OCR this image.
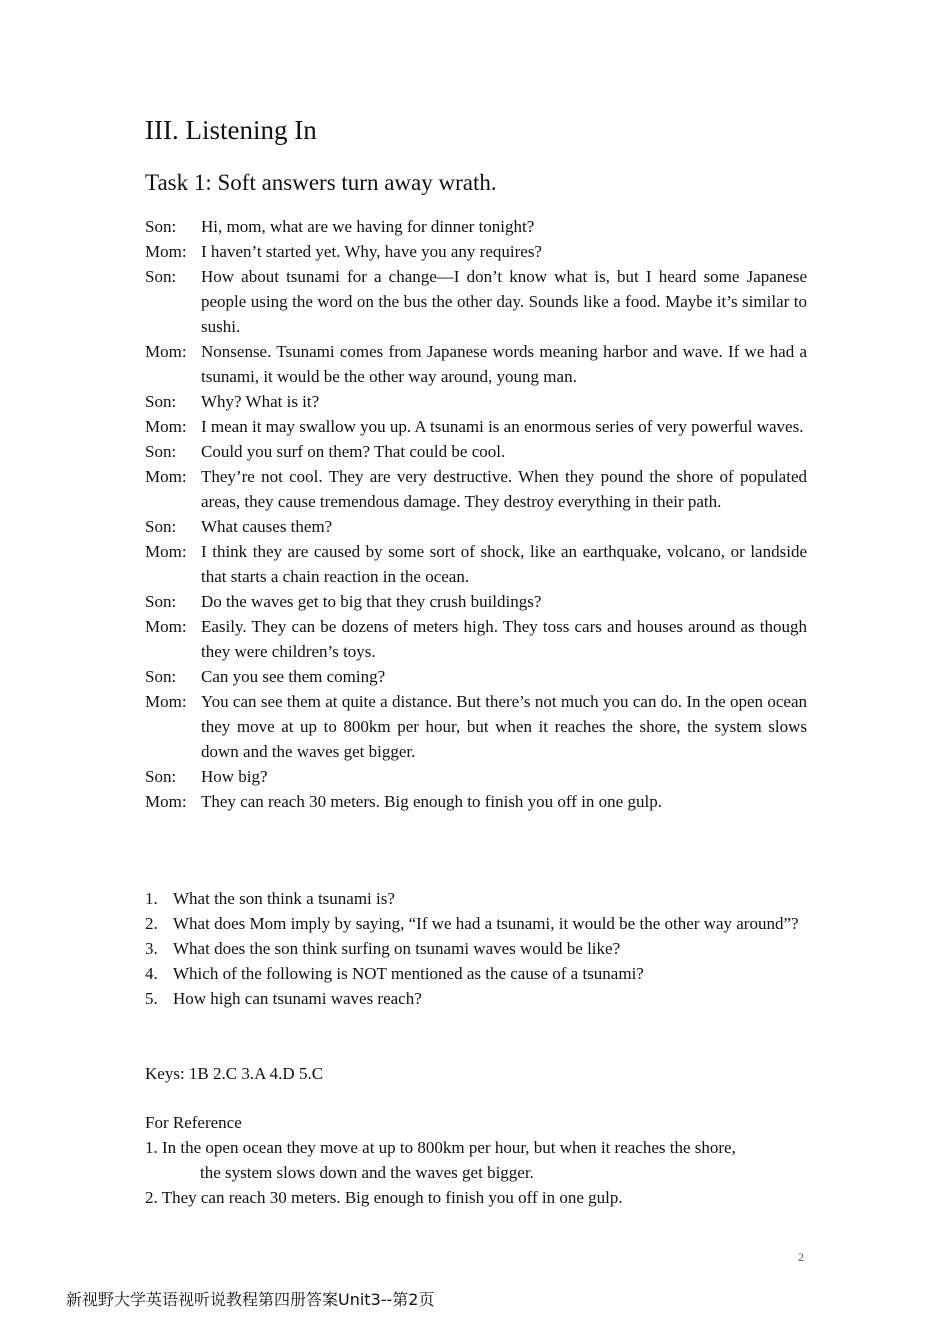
III. Listening In
Task 1: Soft answers turn away wrath.
Son:	Hi, mom, what are we having for dinner tonight?
Mom: I haven’t started yet. Why, have you any requires?
Son:	How about tsunami for a change—I don’t know what is, but I heard some Japanese people using the word on the bus the other day. Sounds like a food. Maybe it’s similar to sushi.
Mom: Nonsense. Tsunami comes from Japanese words meaning harbor and wave. If we had a tsunami, it would be the other way around, young man.
Son:	Why? What is it?
Mom: I mean it may swallow you up. A tsunami is an enormous series of very powerful waves.
Son:	Could you surf on them? That could be cool.
Mom: They’re not cool. They are very destructive. When they pound the shore of populated areas, they cause tremendous damage. They destroy everything in their path.
Son:	What causes them?
Mom: I think they are caused by some sort of shock, like an earthquake, volcano, or landside that starts a chain reaction in the ocean.
Son:	Do the waves get to big that they crush buildings?
Mom: Easily. They can be dozens of meters high. They toss cars and houses around as though they were children’s toys.
Son:	Can you see them coming?
Mom: You can see them at quite a distance. But there’s not much you can do. In the open ocean they move at up to 800km per hour, but when it reaches the shore, the system slows down and the waves get bigger.
Son:	How big?
Mom: They can reach 30 meters. Big enough to finish you off in one gulp.
1. What the son think a tsunami is?
2. What does Mom imply by saying, “If we had a tsunami, it would be the other way around”?
3. What does the son think surfing on tsunami waves would be like?
4. Which of the following is NOT mentioned as the cause of a tsunami?
5. How high can tsunami waves reach?
Keys: 1B 2.C 3.A 4.D 5.C
For Reference
1. In the open ocean they move at up to 800km per hour, but when it reaches the shore,
the system slows down and the waves get bigger.
2. They can reach 30 meters. Big enough to finish you off in one gulp.
2
新视野大学英语视听说教程第四册答案Unit3--第2页
